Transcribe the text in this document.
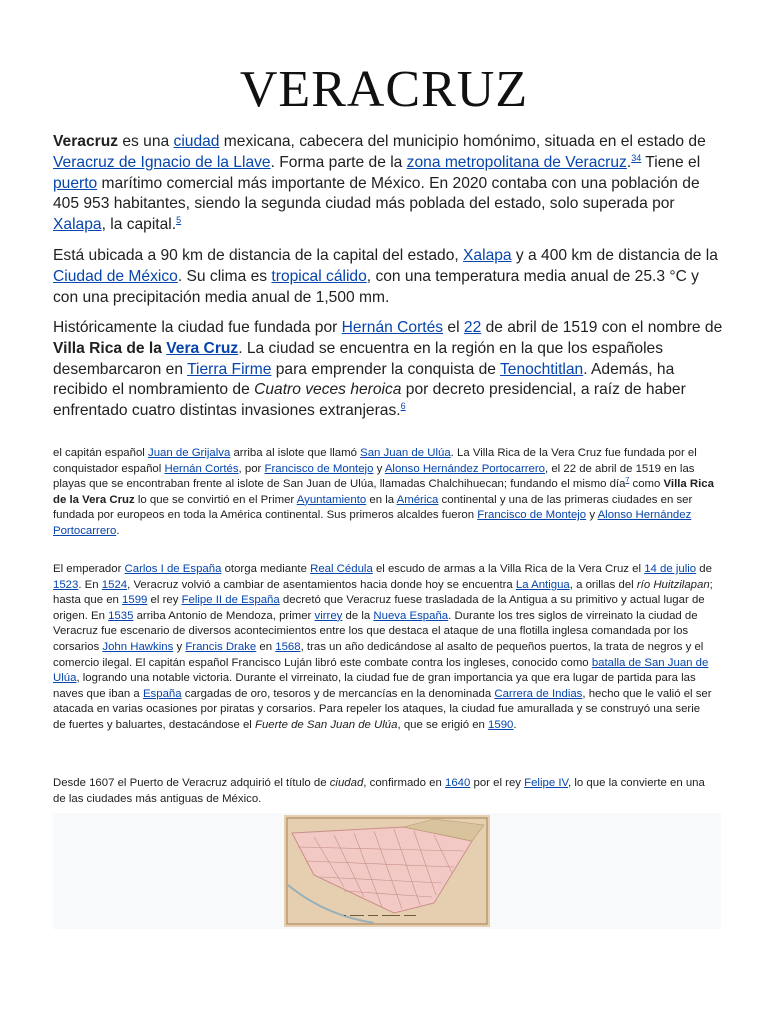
VERACRUZ

Veracruz es una ciudad mexicana, cabecera del municipio homónimo, situada en el estado de Veracruz de Ignacio de la Llave. Forma parte de la zona metropolitana de Veracruz.$^{34}$ Tiene el puerto marítimo comercial más importante de México. En 2020 contaba con una población de 405 953 habitantes, siendo la segunda ciudad más poblada del estado, solo superada por Xalapa, la capital.$^5$

Está ubicada a 90 km de distancia de la capital del estado, Xalapa y a 400 km de distancia de la Ciudad de México. Su clima es tropical cálido, con una temperatura media anual de 25.3 °C y con una precipitación media anual de 1,500 mm.

Históricamente la ciudad fue fundada por Hernán Cortés el 22 de abril de 1519 con el nombre de Villa Rica de la Vera Cruz. La ciudad se encuentra en la región en la que los españoles desembarcaron en Tierra Firme para emprender la conquista de Tenochtitlan. Además, ha recibido el nombramiento de Cuatro veces heroica por decreto presidencial, a raíz de haber enfrentado cuatro distintas invasiones extranjeras.$^6$

el capitán español Juan de Grijalva arriba al islote que llamó San Juan de Ulúa. La Villa Rica de la Vera Cruz fue fundada por el conquistador español Hernán Cortés, por Francisco de Montejo y Alonso Hernández Portocarrero, el 22 de abril de 1519 en las playas que se encontraban frente al islote de San Juan de Ulúa, llamadas Chalchihuecan; fundando el mismo día$^7$ como Villa Rica de la Vera Cruz lo que se convirtió en el Primer Ayuntamiento en la América continental y una de las primeras ciudades en ser fundada por europeos en toda la América continental. Sus primeros alcaldes fueron Francisco de Montejo y Alonso Hernández Portocarrero.

El emperador Carlos I de España otorga mediante Real Cédula el escudo de armas a la Villa Rica de la Vera Cruz el 14 de julio de 1523. En 1524, Veracruz volvió a cambiar de asentamientos hacia donde hoy se encuentra La Antigua, a orillas del río Huitzilapan; hasta que en 1599 el rey Felipe II de España decretó que Veracruz fuese trasladada de la Antigua a su primitivo y actual lugar de origen. En 1535 arriba Antonio de Mendoza, primer virrey de la Nueva España. Durante los tres siglos de virreinato la ciudad de Veracruz fue escenario de diversos acontecimientos entre los que destaca el ataque de una flotilla inglesa comandada por los corsarios John Hawkins y Francis Drake en 1568, tras un año dedicándose al asalto de pequeños puertos, la trata de negros y el comercio ilegal. El capitán español Francisco Luján libró este combate contra los ingleses, conocido como batalla de San Juan de Ulúa, logrando una notable victoria. Durante el virreinato, la ciudad fue de gran importancia ya que era lugar de partida para las naves que iban a España cargadas de oro, tesoros y de mercancías en la denominada Carrera de Indias, hecho que le valió el ser atacada en varias ocasiones por piratas y corsarios. Para repeler los ataques, la ciudad fue amurallada y se construyó una serie de fuertes y baluartes, destacándose el Fuerte de San Juan de Ulúa, que se erigió en 1590.

Desde 1607 el Puerto de Veracruz adquirió el título de ciudad, confirmado en 1640 por el rey Felipe IV, lo que la convierte en una de las ciudades más antiguas de México.
